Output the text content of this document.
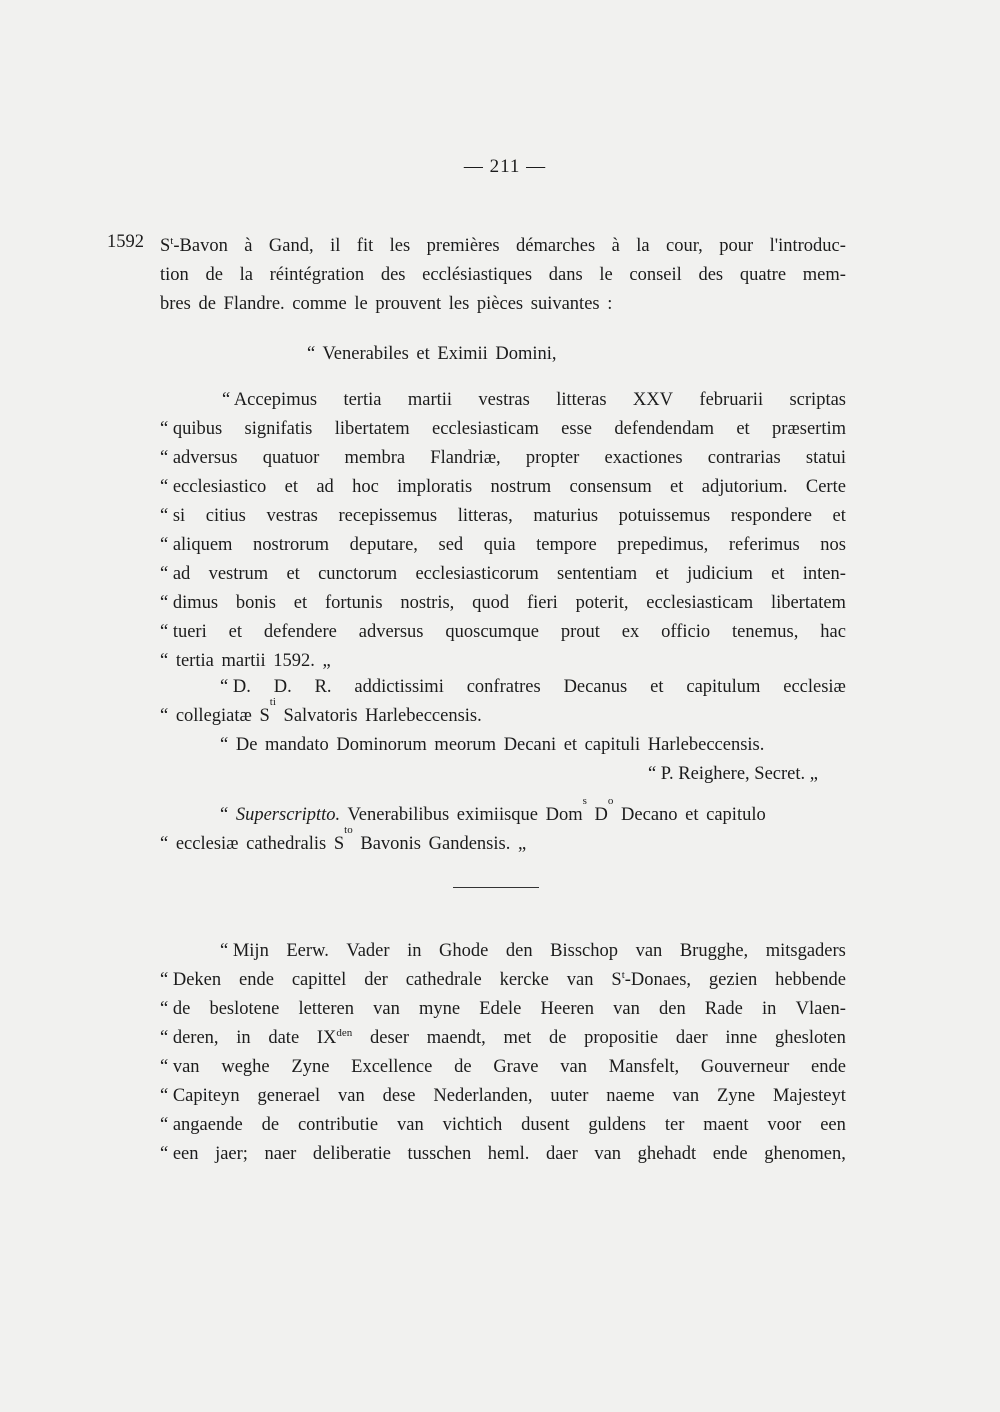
— 211 —
1592 $S^t$-Bavon à Gand, il fit les premières démarches à la cour, pour l'introduc-
tion de la réintégration des ecclésiastiques dans le conseil des quatre mem-
bres de Flandre. comme le prouvent les pièces suivantes :
“ Venerabiles et Eximii Domini,
“ Accepimus tertia martii vestras litteras XXV februarii scriptas
“ quibus signifatis libertatem ecclesiasticam esse defendendam et præsertim
“ adversus quatuor membra Flandriæ, propter exactiones contrarias statui
“ ecclesiastico et ad hoc imploratis nostrum consensum et adjutorium. Certe
“ si citius vestras recepissemus litteras, maturius potuissemus respondere et
“ aliquem nostrorum deputare, sed quia tempore prepedimus, referimus nos
“ ad vestrum et cunctorum ecclesiasticorum sententiam et judicium et inten-
“ dimus bonis et fortunis nostris, quod fieri poterit, ecclesiasticam libertatem
“ tueri et defendere adversus quoscumque prout ex officio tenemus, hac
“ tertia martii 1592. „
“ D. D. R. addictissimi confratres Decanus et capitulum ecclesiæ
“ collegiatæ S
ti
Salvatoris Harlebeccensis.
“ De mandato Dominorum meorum Decani et capituli Harlebeccensis.
“ P. Reighere, Secret. „
“ Superscriptto. Venerabilibus eximiisque Dom
s
D
o
Decano et capitulo
“ ecclesiæ cathedralis S
to
Bavonis Gandensis. „
“ Mijn Eerw. Vader in Ghode den Bisschop van Brugghe, mitsgaders
“ Deken ende capittel der cathedrale kercke van $S^t$-Donaes, gezien hebbende
“ de beslotene letteren van myne Edele Heeren van den Rade in Vlaen-
“ deren, in date $IX^{den}$ deser maendt, met de propositie daer inne ghesloten
“ van weghe Zyne Excellence de Grave van Mansfelt, Gouverneur ende
“ Capiteyn generael van dese Nederlanden, uuter naeme van Zyne Majesteyt
“ angaende de contributie van vichtich dusent guldens ter maent voor een
“ een jaer; naer deliberatie tusschen heml. daer van ghehadt ende ghenomen,
